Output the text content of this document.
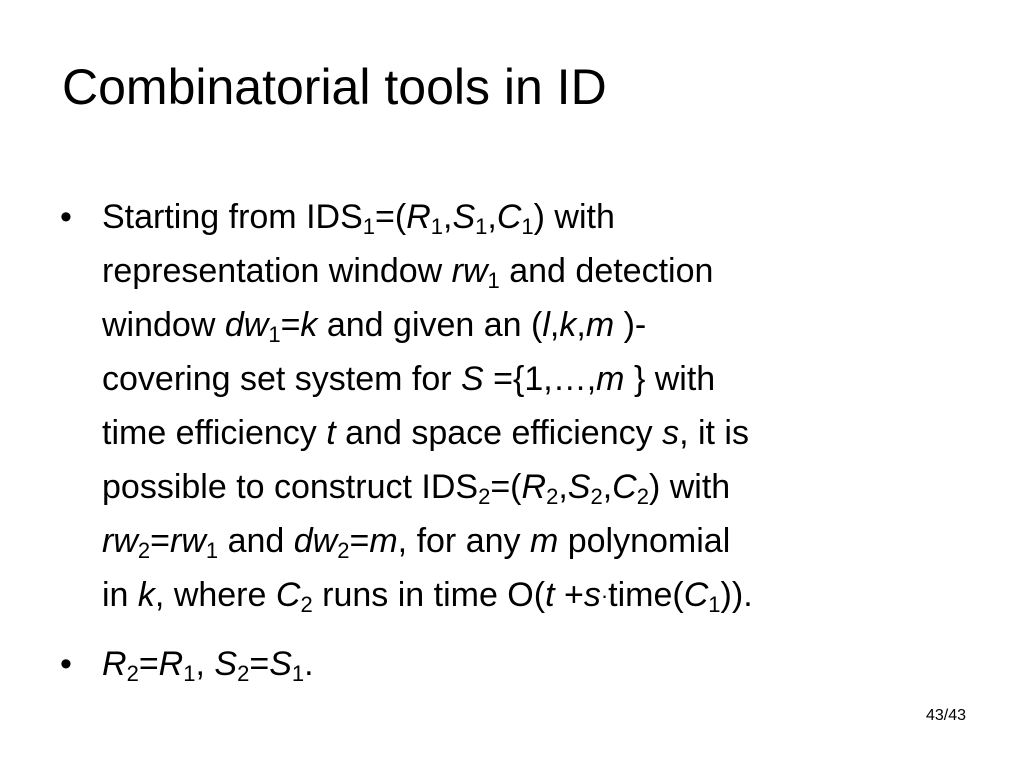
Combinatorial tools in ID
• Starting from IDS1=(R1,S1,C1) with
representation window rw1 and detection
window dw1=k and given an (l,k,m )-
covering set system for S ={1,…,m } with
time efficiency t and space efficiency s, it is
possible to construct IDS2=(R2,S2,C2) with
rw2=rw1 and dw2=m, for any m polynomial
in k, where C2 runs in time O(t +s·time(C1)).
• R2=R1, S2=S1.
43/43
